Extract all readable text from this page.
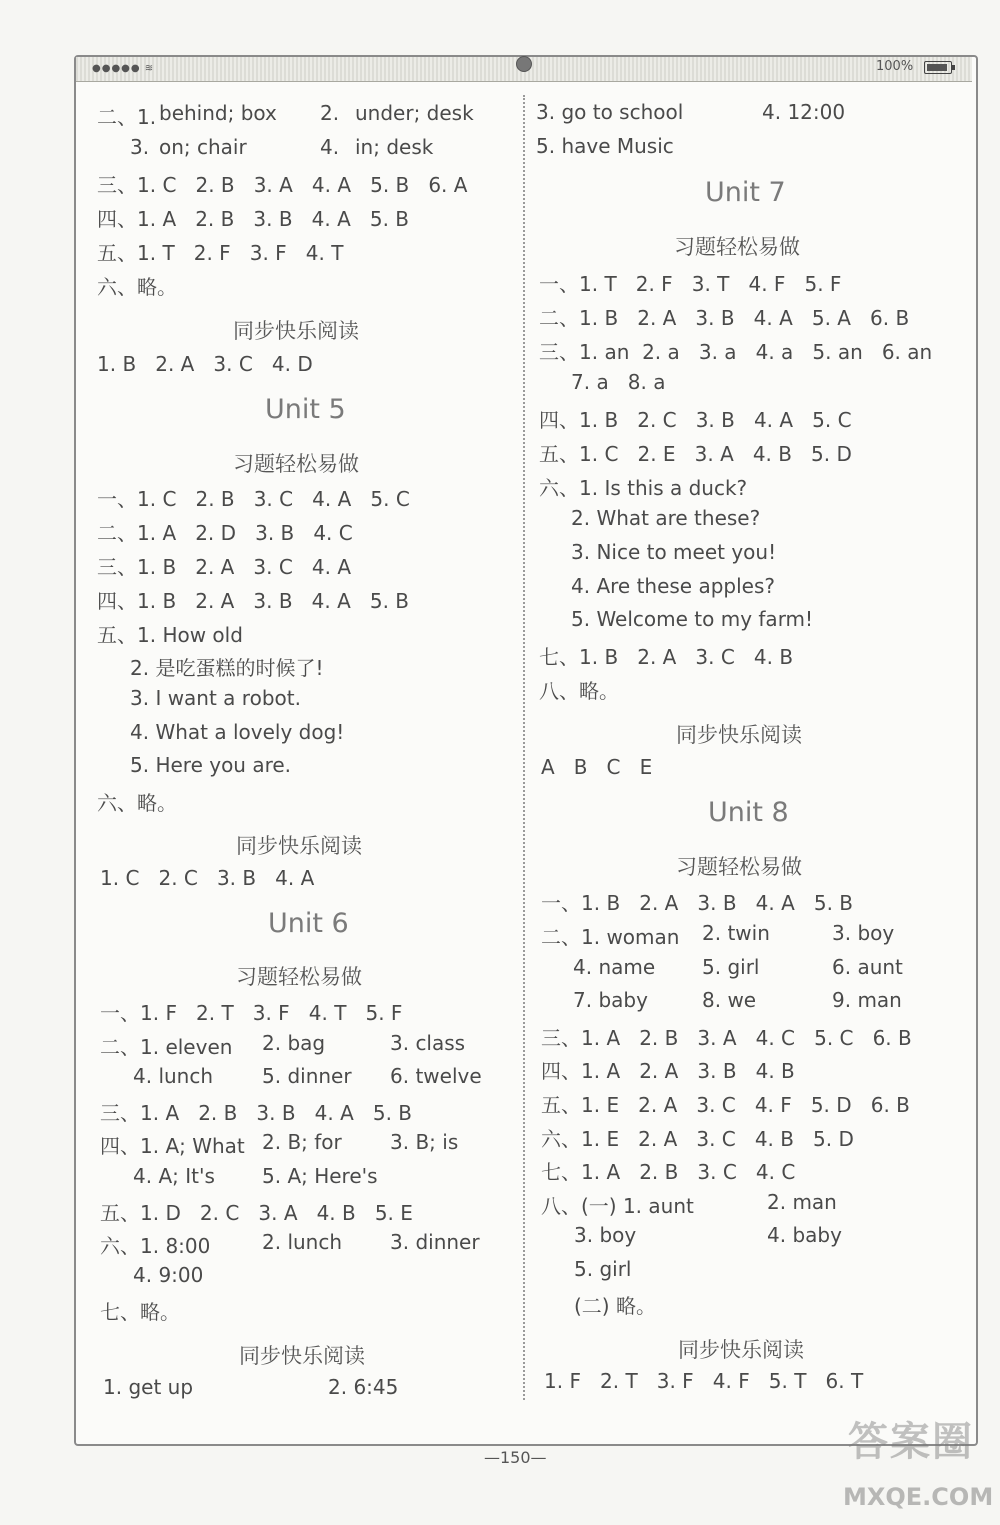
●●●●● ≋	100%
二、1. behind; box 2. under; desk
3. on; chair	4. in; desk
三、1. C   2. B   3. A   4. A   5. B   6. A
四、1. A   2. B   3. B   4. A   5. B
五、1. T   2. F   3. F   4. T
六、略。
同步快乐阅读
1. B   2. A   3. C   4. D
Unit 5
习题轻松易做
一、1. C   2. B   3. C   4. A   5. C
二、1. A   2. D   3. B   4. C
三、1. B   2. A   3. C   4. A
四、1. B   2. A   3. B   4. A   5. B
五、1. How old
2. 是吃蛋糕的时候了!
3. I want a robot.
4. What a lovely dog!
5. Here you are.
六、略。
同步快乐阅读
1. C   2. C   3. B   4. A
Unit 6
习题轻松易做
一、1. F   2. T   3. F   4. T   5. F
二、1. eleven 2. bag	3. class
4. lunch 5. dinner 6. twelve
三、1. A   2. B   3. B   4. A   5. B
四、1. A; What 2. B; for 3. B; is
4. A; It's 5. A; Here's
五、1. D   2. C   3. A   4. B   5. E
六、1. 8:00	2. lunch 3. dinner
4. 9:00
七、略。
同步快乐阅读
1. get up	2. 6:45
3. go to school	4. 12:00
5. have Music
Unit 7
习题轻松易做
一、1. T   2. F   3. T   4. F   5. F
二、1. B   2. A   3. B   4. A   5. A   6. B
三、1. an  2. a   3. a   4. a   5. an   6. an
7. a   8. a
四、1. B   2. C   3. B   4. A   5. C
五、1. C   2. E   3. A   4. B   5. D
六、1. Is this a duck?
2. What are these?
3. Nice to meet you!
4. Are these apples?
5. Welcome to my farm!
七、1. B   2. A   3. C   4. B
八、略。
同步快乐阅读
A   B   C   E
Unit 8
习题轻松易做
一、1. B   2. A   3. B   4. A   5. B
二、1. woman 2. twin	3. boy
4. name 5. girl	6. aunt
7. baby	8. we	9. man
三、1. A   2. B   3. A   4. C   5. C   6. B
四、1. A   2. A   3. B   4. B
五、1. E   2. A   3. C   4. F   5. D   6. B
六、1. E   2. A   3. C   4. B   5. D
七、1. A   2. B   3. C   4. C
八、(一) 1. aunt	2. man
3. boy	4. baby
5. girl
(二) 略。
同步快乐阅读
1. F   2. T   3. F   4. F   5. T   6. T
—150—	答案圈
MXQE.COM
